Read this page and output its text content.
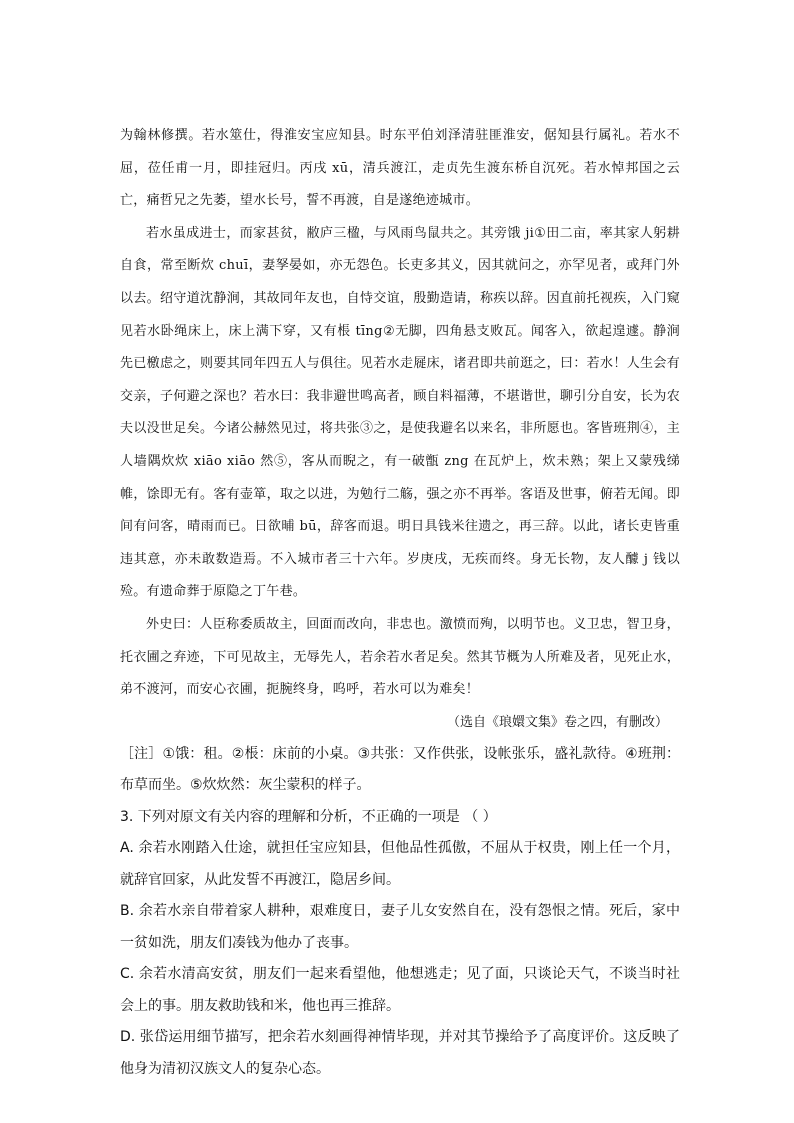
为翰林修撰。若水筮仕，得淮安宝应知县。时东平伯刘泽清驻匪淮安，倨知县行属礼。若水不屈，莅任甫一月，即挂冠归。丙戌 xū，清兵渡江，走贞先生渡东桥自沉死。若水悼邦国之云亡，痛哲兄之先萎，望水长号，誓不再渡，自是遂绝迹城市。

若水虽成进士，而家甚贫，敝庐三楹，与风雨鸟鼠共之。其旁饿 ji①田二亩，率其家人躬耕自食，常至断炊 chuī，妻孥晏如，亦无怨色。长吏多其义，因其就问之，亦罕见者，或拜门外以去。绍守道沈静涧，其故同年友也，自恃交谊，殷勤造请，称疾以辞。因直前托视疾，入门窥见若水卧绳床上，床上满下穿，又有棖 tīng②无脚，四角悬支败瓦。闻客入，欲起遑遽。静涧先已檄虑之，则要其同年四五人与俱往。见若水走屣床，诸君即共前逛之，曰：若水！人生会有交亲，子何避之深也？若水曰：我非避世鸣高者，顾自料福薄，不堪谐世，聊引分自安，长为农夫以没世足矣。今诸公赫然见过，将共张③之，是使我避名以来名，非所愿也。客皆班荆④，主人墙隅炊炊 xiāo xiāo 然⑤，客从而睨之，有一破甑 zng 在瓦炉上，炊未熟；架上又蒙残绨帷，馀即无有。客有壶箪，取之以进，为勉行二觞，强之亦不再举。客语及世事，俯若无闻。即间有问客，晴雨而已。日欲晡 bū，辞客而退。明日具钱米往遗之，再三辞。以此，诸长吏皆重违其意，亦未敢数造焉。不入城市者三十六年。岁庚戌，无疾而终。身无长物，友人醵 j 钱以殓。有遗命葬于原隐之丁午巷。

外史曰：人臣称委质故主，回面而改向，非忠也。激愤而殉，以明节也。义卫忠，智卫身，托衣圃之弃迹，下可见故主，无辱先人，若余若水者足矣。然其节概为人所难及者，见死止水，弟不渡河，而安心衣圃，扼腕终身，呜呼，若水可以为难矣！

（选自《琅嬛文集》卷之四，有删改）

［注］①饿：租。②棖：床前的小桌。③共张：又作供张，设帐张乐，盛礼款待。④班荆：布草而坐。⑤炊炊然：灰尘蒙积的样子。

3. 下列对原文有关内容的理解和分析，不正确的一项是 （ ）

A. 余若水刚踏入仕途，就担任宝应知县，但他品性孤傲，不屈从于权贵，刚上任一个月，就辞官回家，从此发誓不再渡江，隐居乡间。

B. 余若水亲自带着家人耕种，艰难度日，妻子儿女安然自在，没有怨恨之情。死后，家中一贫如洗，朋友们凑钱为他办了丧事。

C. 余若水清高安贫，朋友们一起来看望他，他想逃走；见了面，只谈论天气，不谈当时社会上的事。朋友救助钱和米，他也再三推辞。

D. 张岱运用细节描写，把余若水刻画得神情毕现，并对其节操给予了高度评价。这反映了他身为清初汉族文人的复杂心态。
